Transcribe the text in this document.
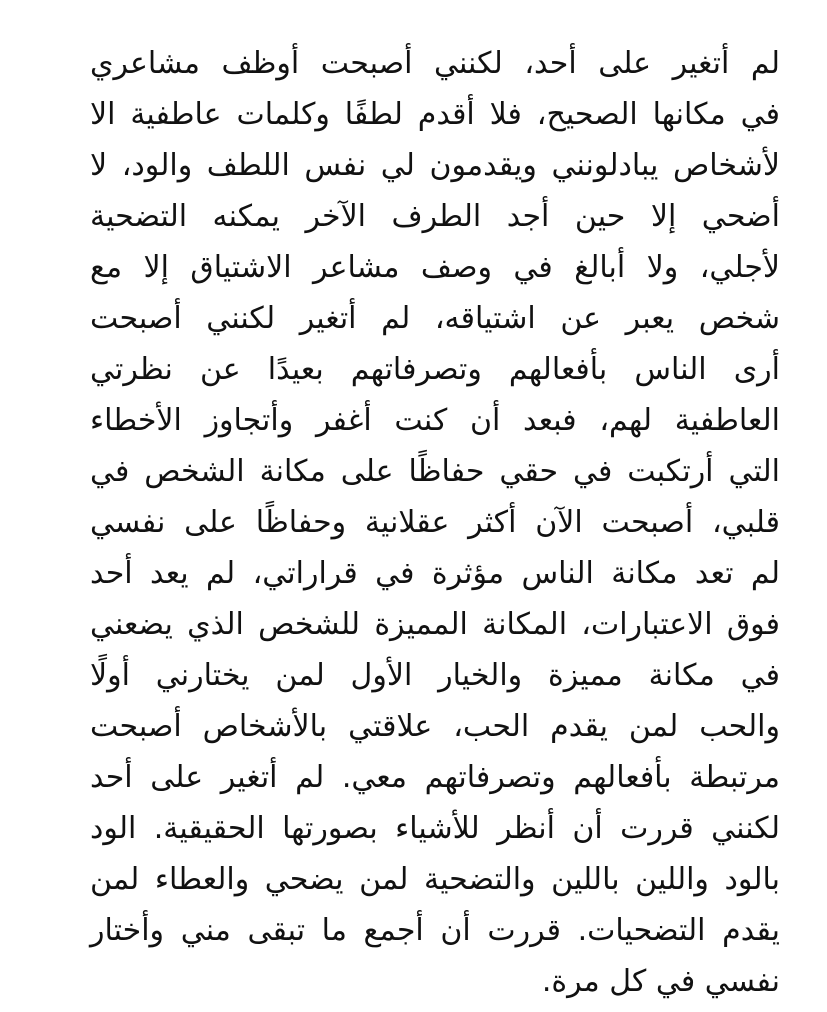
لم أتغير على أحد، لكنني أصبحت أوظف مشاعري
في مكانها الصحيح، فلا أقدم لطفًا وكلمات عاطفية الا
لأشخاص يبادلونني ويقدمون لي نفس اللطف والود، لا
أضحي إلا حين أجد الطرف الآخر يمكنه التضحية
لأجلي، ولا أبالغ في وصف مشاعر الاشتياق إلا مع
شخص يعبر عن اشتياقه، لم أتغير لكنني أصبحت
أرى الناس بأفعالهم وتصرفاتهم بعيدًا عن نظرتي
العاطفية لهم، فبعد أن كنت أغفر وأتجاوز الأخطاء
التي أرتكبت في حقي حفاظًا على مكانة الشخص في
قلبي، أصبحت الآن أكثر عقلانية وحفاظًا على نفسي
لم تعد مكانة الناس مؤثرة في قراراتي، لم يعد أحد
فوق الاعتبارات، المكانة المميزة للشخص الذي يضعني
في مكانة مميزة والخيار الأول لمن يختارني أولًا
والحب لمن يقدم الحب، علاقتي بالأشخاص أصبحت
مرتبطة بأفعالهم وتصرفاتهم معي. لم أتغير على أحد
لكنني قررت أن أنظر للأشياء بصورتها الحقيقية. الود
بالود واللين باللين والتضحية لمن يضحي والعطاء لمن
يقدم التضحيات. قررت أن أجمع ما تبقى مني وأختار
نفسي في كل مرة.
